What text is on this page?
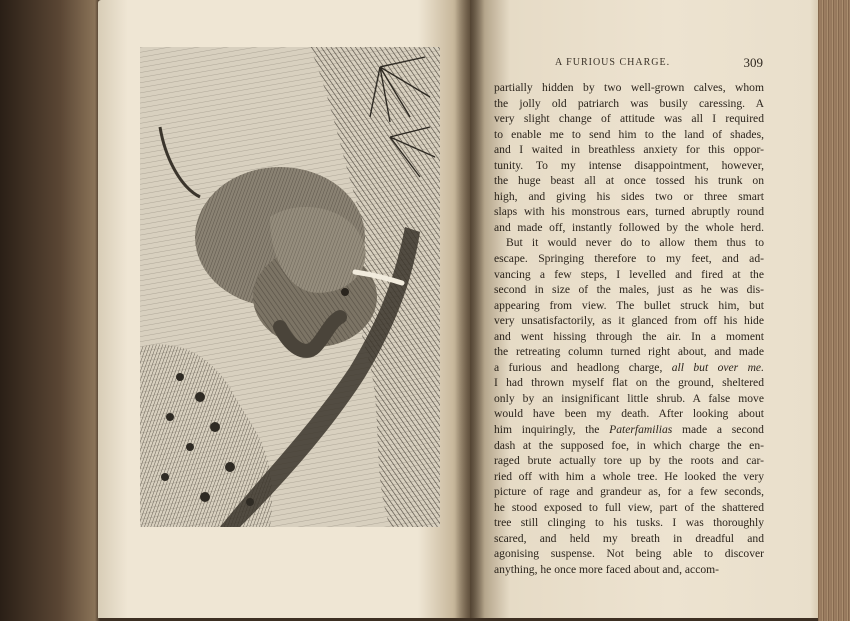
A FURIOUS CHARGE.	309
partially hidden by two well-grown calves, whom
the jolly old patriarch was busily caressing. A
very slight change of attitude was all I required
to enable me to send him to the land of shades,
and I waited in breathless anxiety for this oppor-
tunity. To my intense disappointment, however,
the huge beast all at once tossed his trunk on
high, and giving his sides two or three smart
slaps with his monstrous ears, turned abruptly round
and made off, instantly followed by the whole herd.
But it would never do to allow them thus to
escape. Springing therefore to my feet, and ad-
vancing a few steps, I levelled and fired at the
second in size of the males, just as he was dis-
appearing from view. The bullet struck him, but
very unsatisfactorily, as it glanced from off his hide
and went hissing through the air. In a moment
the retreating column turned right about, and made
a furious and headlong charge, all but over me.
I had thrown myself flat on the ground, sheltered
only by an insignificant little shrub. A false move
would have been my death. After looking about
him inquiringly, the Paterfamilias made a second
dash at the supposed foe, in which charge the en-
raged brute actually tore up by the roots and car-
ried off with him a whole tree. He looked the very
picture of rage and grandeur as, for a few seconds,
he stood exposed to full view, part of the shattered
tree still clinging to his tusks. I was thoroughly
scared, and held my breath in dreadful and
agonising suspense. Not being able to discover
anything, he once more faced about and, accom-
